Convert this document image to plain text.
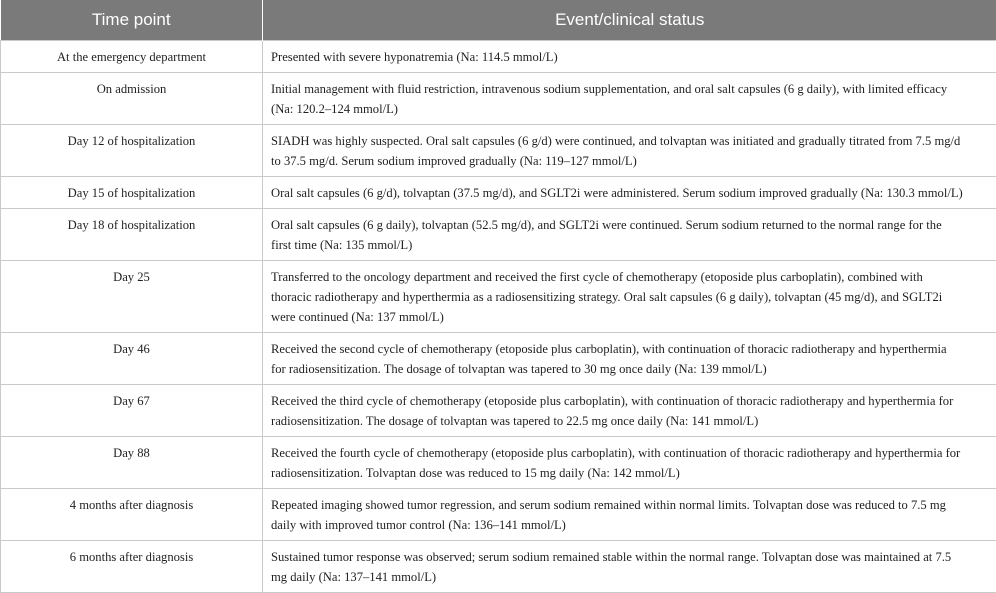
Time point	Event/clinical status
At the emergency department	Presented with severe hyponatremia (Na: 114.5 mmol/L)
On admission	Initial management with fluid restriction, intravenous sodium supplementation, and oral salt capsules (6 g daily), with limited efficacy (Na: 120.2–124 mmol/L)
Day 12 of hospitalization	SIADH was highly suspected. Oral salt capsules (6 g/d) were continued, and tolvaptan was initiated and gradually titrated from 7.5 mg/d to 37.5 mg/d. Serum sodium improved gradually (Na: 119–127 mmol/L)
Day 15 of hospitalization	Oral salt capsules (6 g/d), tolvaptan (37.5 mg/d), and SGLT2i were administered. Serum sodium improved gradually (Na: 130.3 mmol/L)
Day 18 of hospitalization	Oral salt capsules (6 g daily), tolvaptan (52.5 mg/d), and SGLT2i were continued. Serum sodium returned to the normal range for the first time (Na: 135 mmol/L)
Day 25	Transferred to the oncology department and received the first cycle of chemotherapy (etoposide plus carboplatin), combined with thoracic radiotherapy and hyperthermia as a radiosensitizing strategy. Oral salt capsules (6 g daily), tolvaptan (45 mg/d), and SGLT2i were continued (Na: 137 mmol/L)
Day 46	Received the second cycle of chemotherapy (etoposide plus carboplatin), with continuation of thoracic radiotherapy and hyperthermia for radiosensitization. The dosage of tolvaptan was tapered to 30 mg once daily (Na: 139 mmol/L)
Day 67	Received the third cycle of chemotherapy (etoposide plus carboplatin), with continuation of thoracic radiotherapy and hyperthermia for radiosensitization. The dosage of tolvaptan was tapered to 22.5 mg once daily (Na: 141 mmol/L)
Day 88	Received the fourth cycle of chemotherapy (etoposide plus carboplatin), with continuation of thoracic radiotherapy and hyperthermia for radiosensitization. Tolvaptan dose was reduced to 15 mg daily (Na: 142 mmol/L)
4 months after diagnosis	Repeated imaging showed tumor regression, and serum sodium remained within normal limits. Tolvaptan dose was reduced to 7.5 mg daily with improved tumor control (Na: 136–141 mmol/L)
6 months after diagnosis	Sustained tumor response was observed; serum sodium remained stable within the normal range. Tolvaptan dose was maintained at 7.5 mg daily (Na: 137–141 mmol/L)
